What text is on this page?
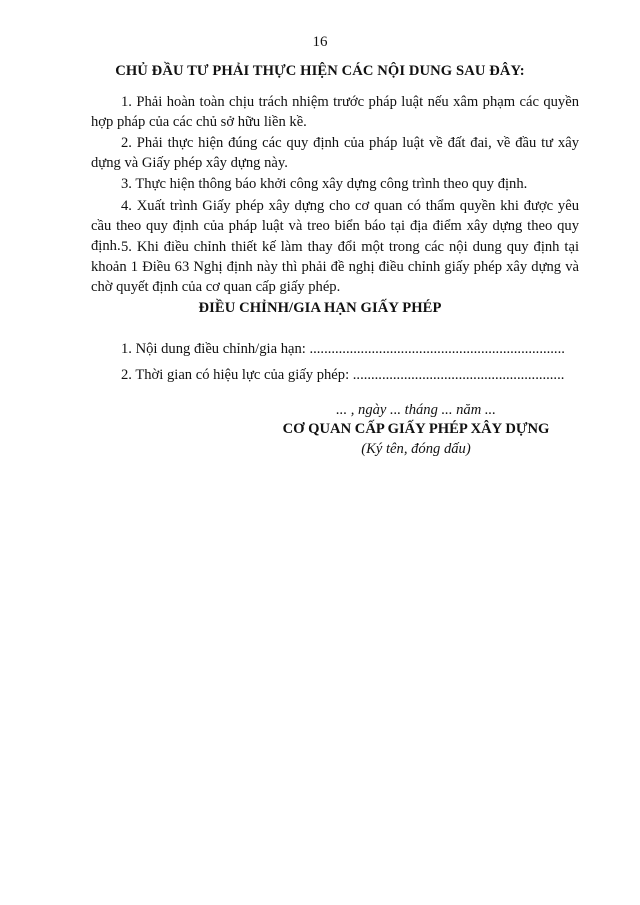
16
CHỦ ĐẦU TƯ PHẢI THỰC HIỆN CÁC NỘI DUNG SAU ĐÂY:
1. Phải hoàn toàn chịu trách nhiệm trước pháp luật nếu xâm phạm các quyền hợp pháp của các chủ sở hữu liền kề.
2. Phải thực hiện đúng các quy định của pháp luật về đất đai, về đầu tư xây dựng và Giấy phép xây dựng này.
3. Thực hiện thông báo khởi công xây dựng công trình theo quy định.
4. Xuất trình Giấy phép xây dựng cho cơ quan có thẩm quyền khi được yêu cầu theo quy định của pháp luật và treo biển báo tại địa điểm xây dựng theo quy định. 5. Khi điều chỉnh thiết kế làm thay đổi một trong các nội dung quy định tại khoản 1 Điều 63 Nghị định này thì phải đề nghị điều chỉnh giấy phép xây dựng và chờ quyết định của cơ quan cấp giấy phép.
ĐIỀU CHỈNH/GIA HẠN GIẤY PHÉP
1. Nội dung điều chỉnh/gia hạn: ......................................................................
2. Thời gian có hiệu lực của giấy phép: ..........................................................
... , ngày ... tháng ... năm ...
CƠ QUAN CẤP GIẤY PHÉP XÂY DỰNG
(Ký tên, đóng dấu)
